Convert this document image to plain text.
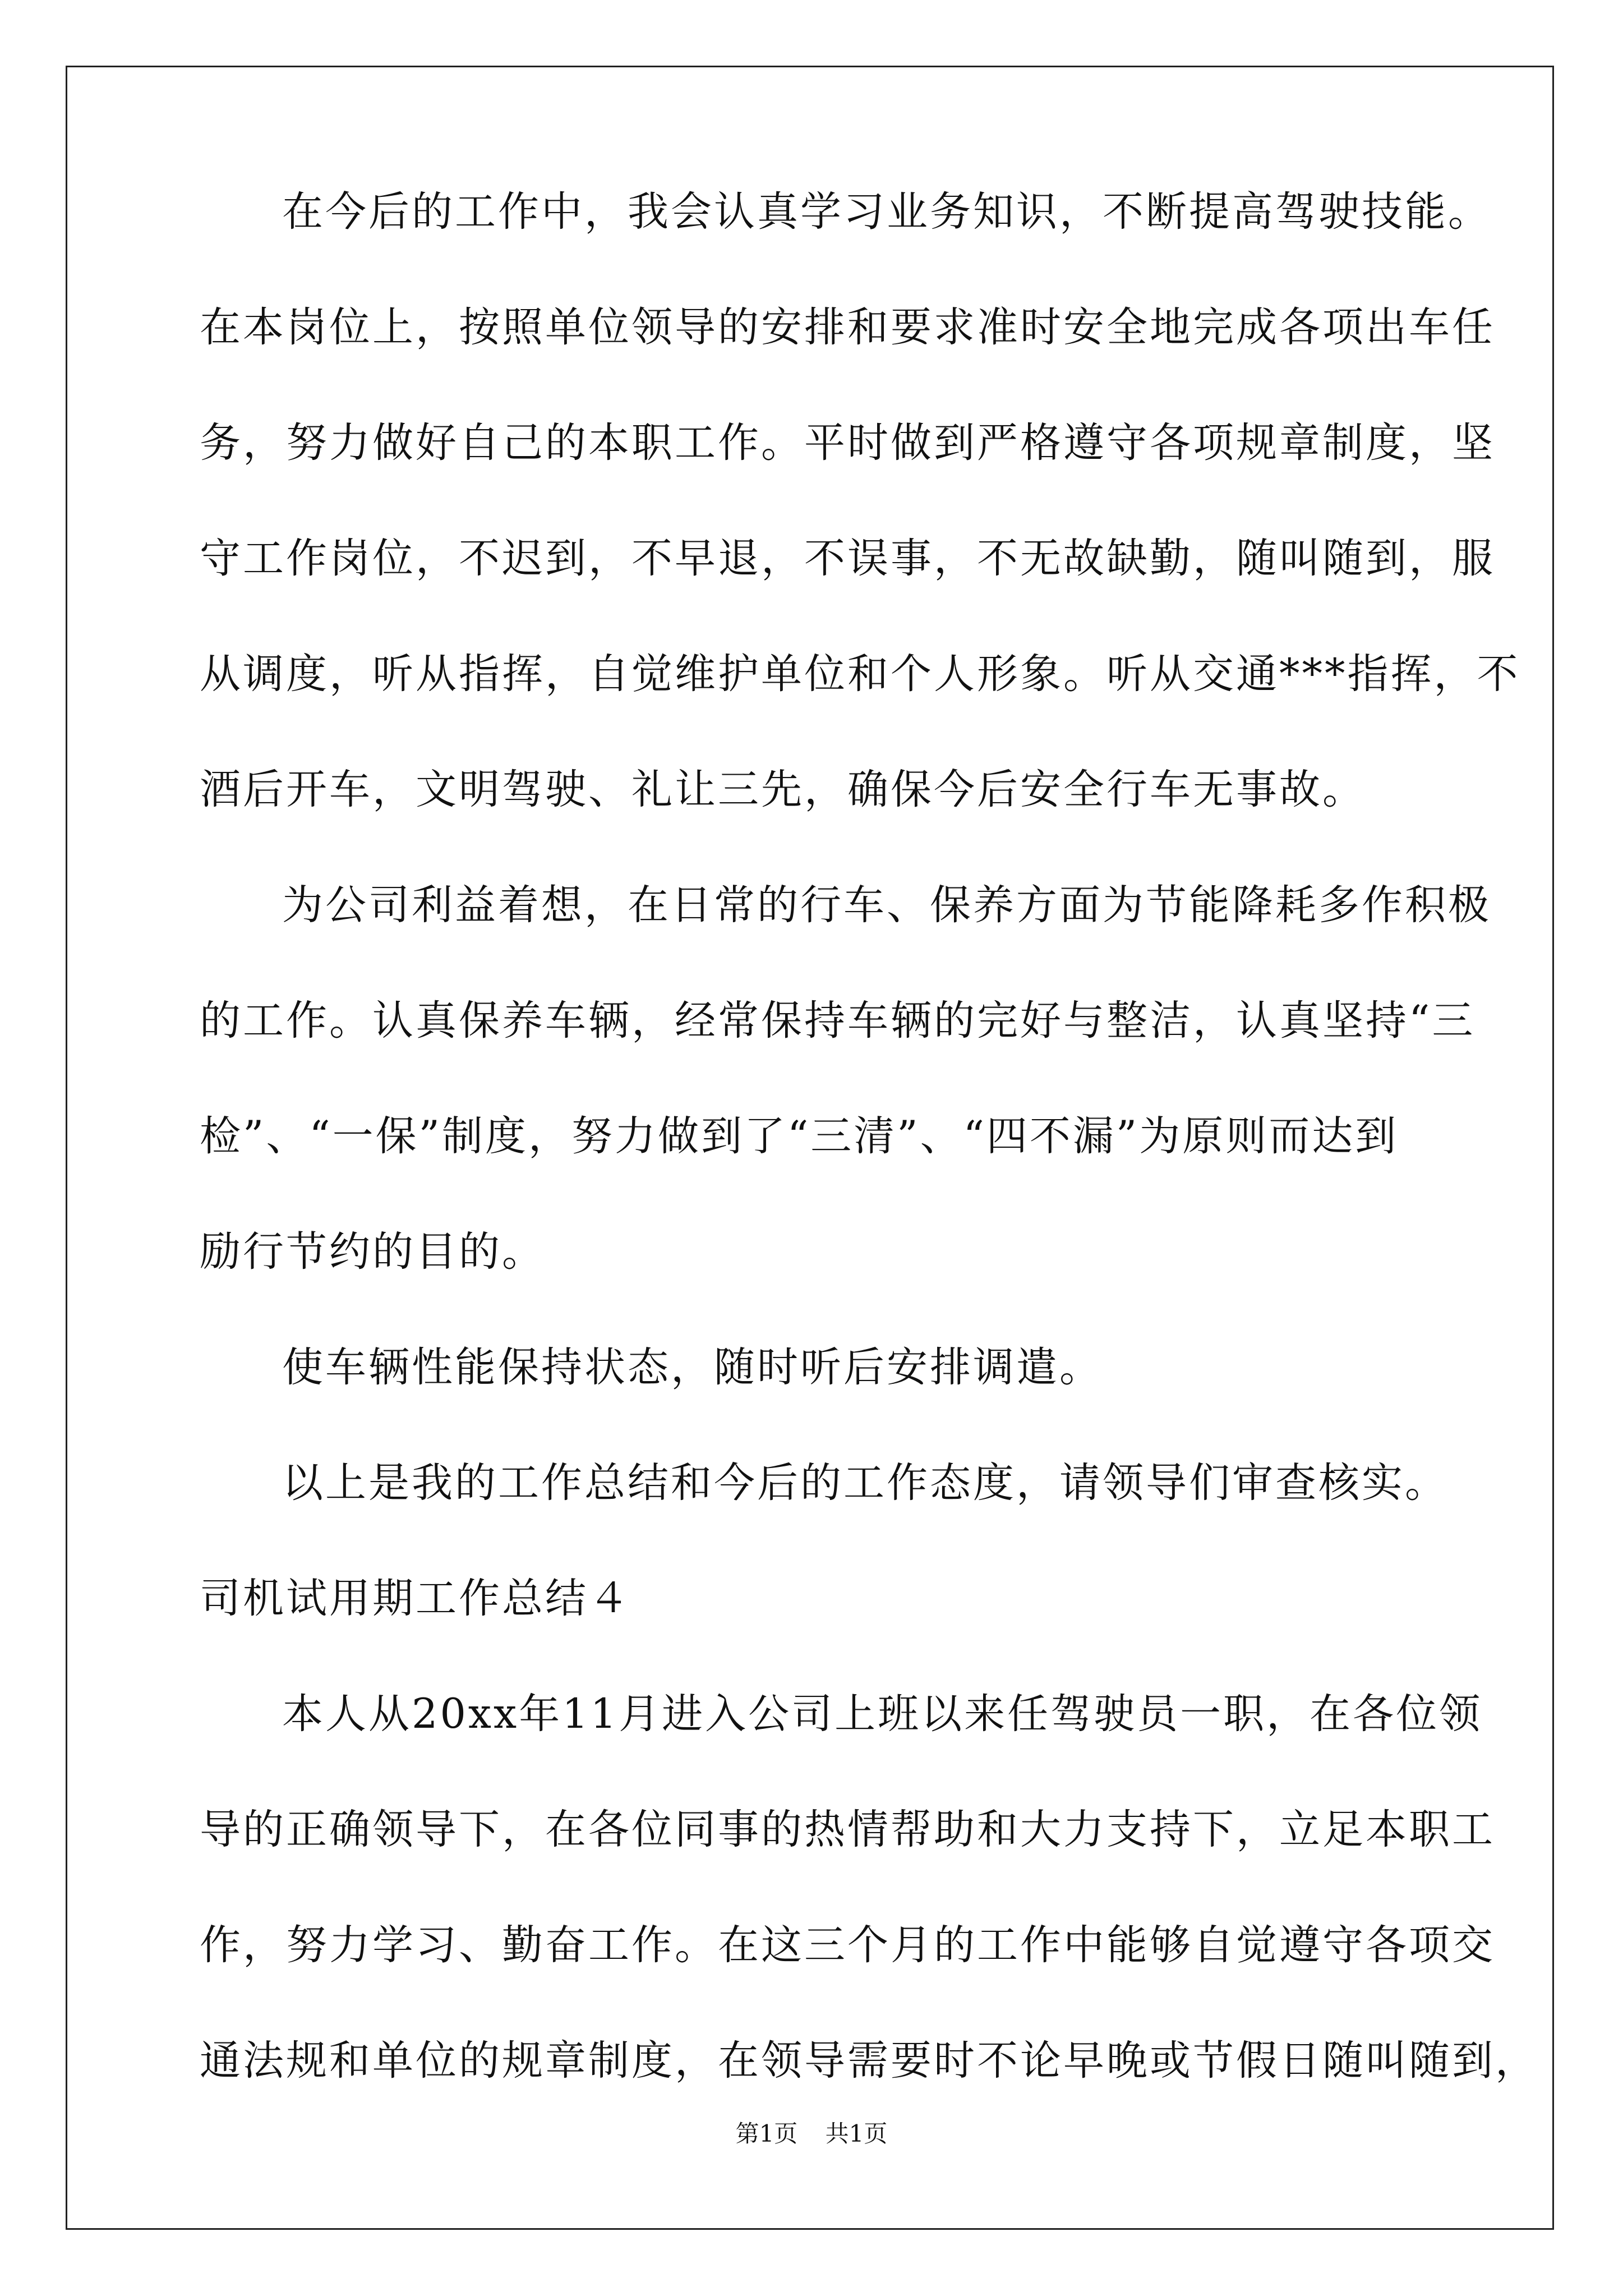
在今后的工作中，我会认真学习业务知识，不断提高驾驶技能。
在本岗位上，按照单位领导的安排和要求准时安全地完成各项出车任
务，努力做好自己的本职工作。平时做到严格遵守各项规章制度，坚
守工作岗位，不迟到，不早退，不误事，不无故缺勤，随叫随到，服
从调度，听从指挥，自觉维护单位和个人形象。听从交通***指挥，不
酒后开车，文明驾驶、礼让三先，确保今后安全行车无事故。
为公司利益着想，在日常的行车、保养方面为节能降耗多作积极
的工作。认真保养车辆，经常保持车辆的完好与整洁，认真坚持“三
检”、“一保”制度，努力做到了“三清”、“四不漏”为原则而达到
励行节约的目的。
使车辆性能保持状态，随时听后安排调遣。
以上是我的工作总结和今后的工作态度，请领导们审查核实。
司机试用期工作总结４
本人从20xx年11月进入公司上班以来任驾驶员一职，在各位领
导的正确领导下，在各位同事的热情帮助和大力支持下，立足本职工
作，努力学习、勤奋工作。在这三个月的工作中能够自觉遵守各项交
通法规和单位的规章制度，在领导需要时不论早晚或节假日随叫随到，
第1页 共1页
